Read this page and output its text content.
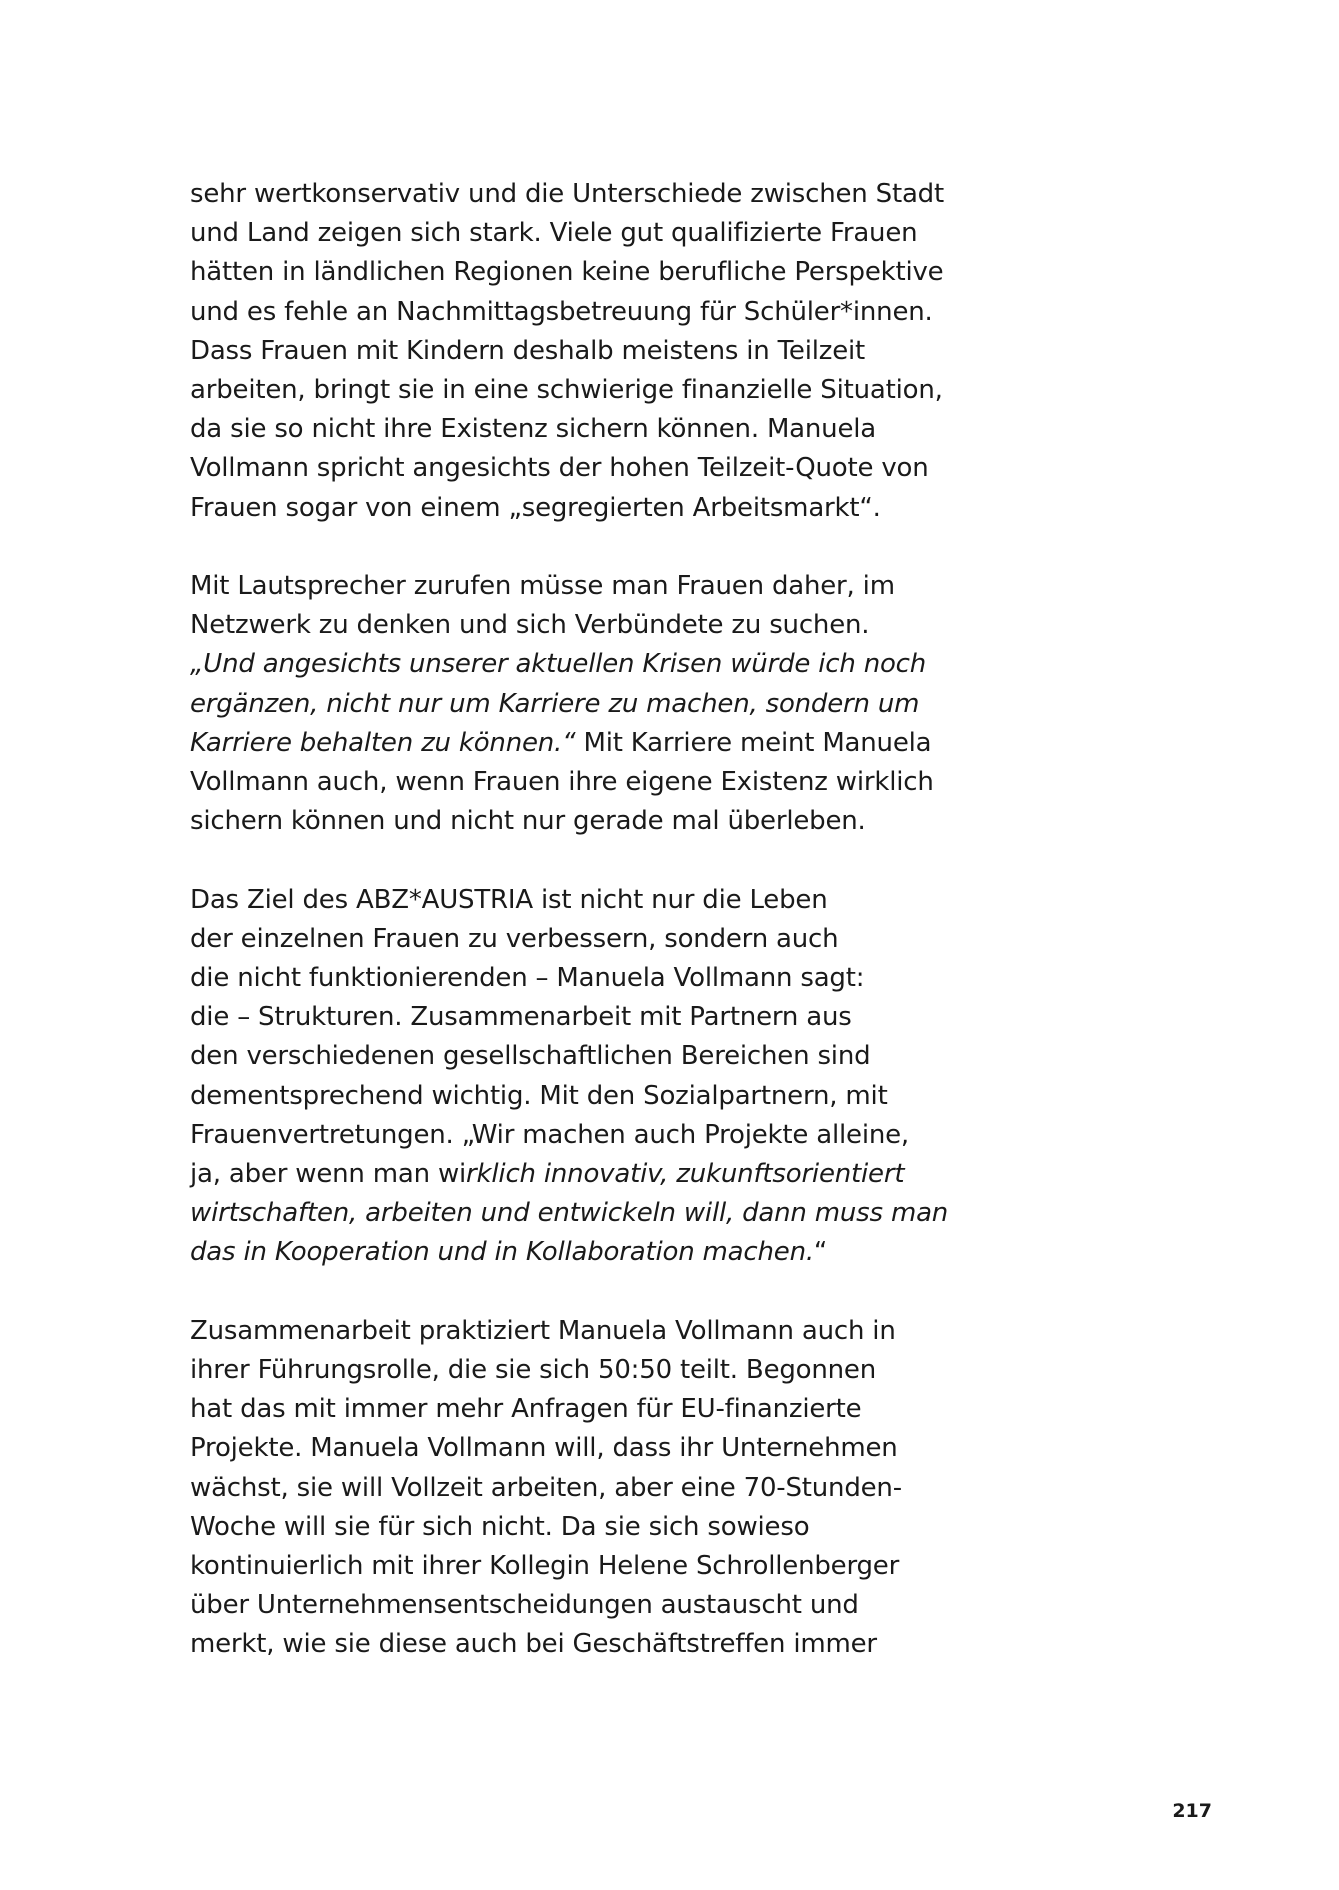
sehr wertkonservativ und die Unterschiede zwischen Stadt
und Land zeigen sich stark. Viele gut qualifizierte Frauen
hätten in ländlichen Regionen keine berufliche Perspektive
und es fehle an Nachmittagsbetreuung für Schüler*innen.
Dass Frauen mit Kindern deshalb meistens in Teilzeit
arbeiten, bringt sie in eine schwierige finanzielle Situation,
da sie so nicht ihre Existenz sichern können. Manuela
Vollmann spricht angesichts der hohen Teilzeit-Quote von
Frauen sogar von einem „segregierten Arbeitsmarkt“.

Mit Lautsprecher zurufen müsse man Frauen daher, im
Netzwerk zu denken und sich Verbündete zu suchen.
„Und angesichts unserer aktuellen Krisen würde ich noch
ergänzen, nicht nur um Karriere zu machen, sondern um
Karriere behalten zu können.“ Mit Karriere meint Manuela
Vollmann auch, wenn Frauen ihre eigene Existenz wirklich
sichern können und nicht nur gerade mal überleben.

Das Ziel des ABZ*AUSTRIA ist nicht nur die Leben
der einzelnen Frauen zu verbessern, sondern auch
die nicht funktionierenden – Manuela Vollmann sagt:
die – Strukturen. Zusammenarbeit mit Partnern aus
den verschiedenen gesellschaftlichen Bereichen sind
dementsprechend wichtig. Mit den Sozialpartnern, mit
Frauenvertretungen. „Wir machen auch Projekte alleine,
ja, aber wenn man wirklich innovativ, zukunftsorientiert
wirtschaften, arbeiten und entwickeln will, dann muss man
das in Kooperation und in Kollaboration machen.“

Zusammenarbeit praktiziert Manuela Vollmann auch in
ihrer Führungsrolle, die sie sich 50:50 teilt. Begonnen
hat das mit immer mehr Anfragen für EU-finanzierte
Projekte. Manuela Vollmann will, dass ihr Unternehmen
wächst, sie will Vollzeit arbeiten, aber eine 70-Stunden-
Woche will sie für sich nicht. Da sie sich sowieso
kontinuierlich mit ihrer Kollegin Helene Schrollenberger
über Unternehmensentscheidungen austauscht und
merkt, wie sie diese auch bei Geschäftstreffen immer

217
